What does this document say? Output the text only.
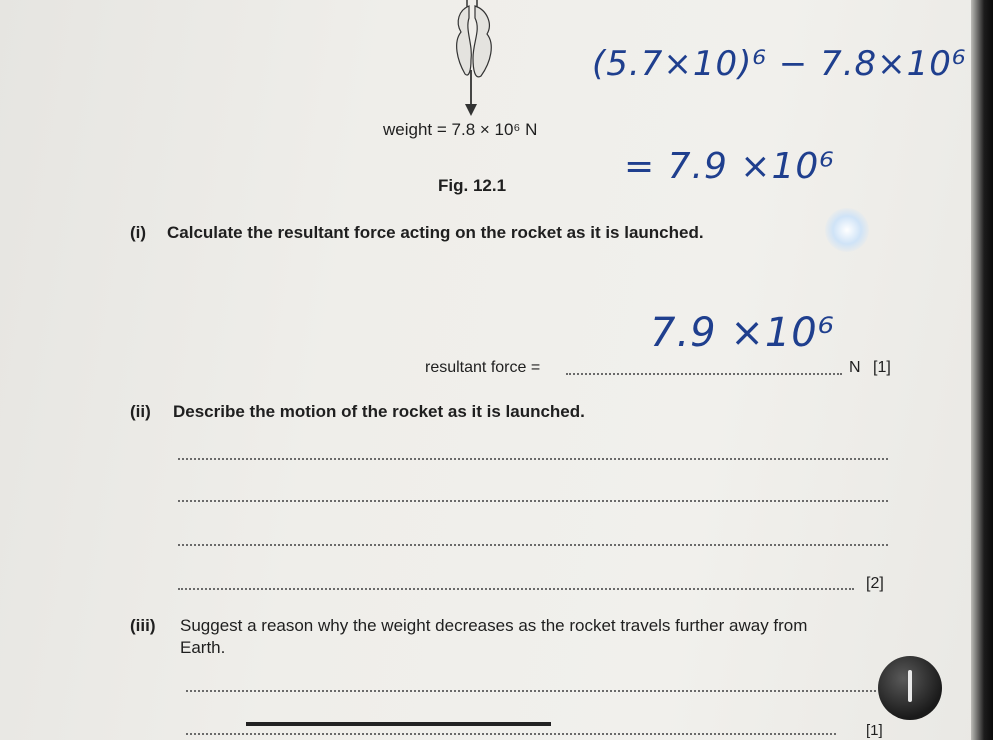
weight = 7.8 × 10⁶ N
Fig. 12.1
(5.7×10)⁶ − 7.8×10⁶
= 7.9 ×10⁶
(i) Calculate the resultant force acting on the rocket as it is launched.
7.9 ×10⁶
resultant force =	N [1]
(ii) Describe the motion of the rocket as it is launched.
[2]
(iii) Suggest a reason why the weight decreases as the rocket travels further away from
Earth.
[1]
